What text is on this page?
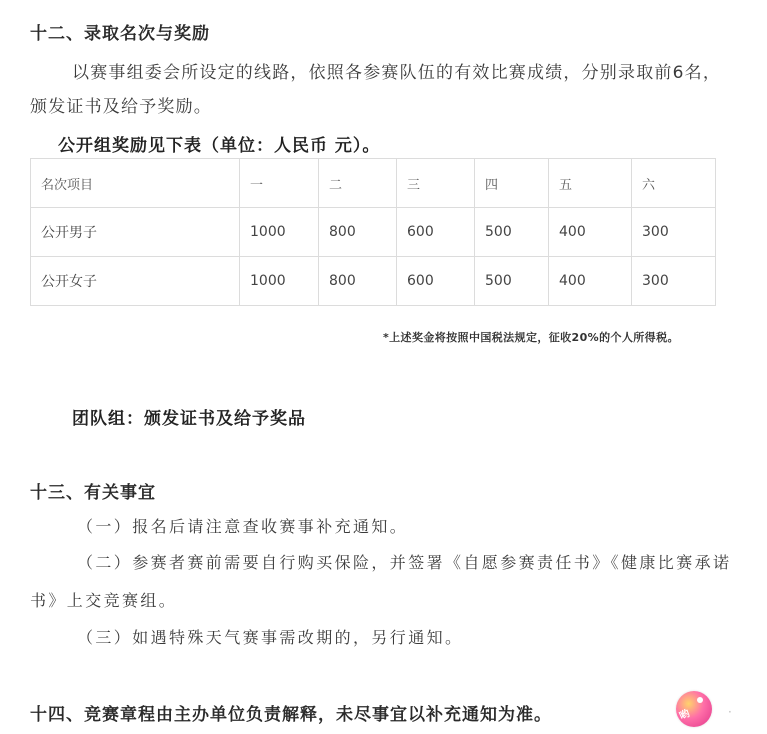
十二、录取名次与奖励
以赛事组委会所设定的线路，依照各参赛队伍的有效比赛成绩，分别录取前6名，
颁发证书及给予奖励。
公开组奖励见下表（单位：人民币 元）。
名次项目	一	二	三	四	五	六
公开男子	1000	800	600	500	400	300
公开女子	1000	800	600	500	400	300
*上述奖金将按照中国税法规定，征收20%的个人所得税。
团队组：颁发证书及给予奖品
十三、有关事宜
（一）报名后请注意查收赛事补充通知。
（二）参赛者赛前需要自行购买保险，并签署《自愿参赛责任书》《健康比赛承诺
书》上交竞赛组。
（三）如遇特殊天气赛事需改期的，另行通知。
十四、竞赛章程由主办单位负责解释，未尽事宜以补充通知为准。	哟	·
